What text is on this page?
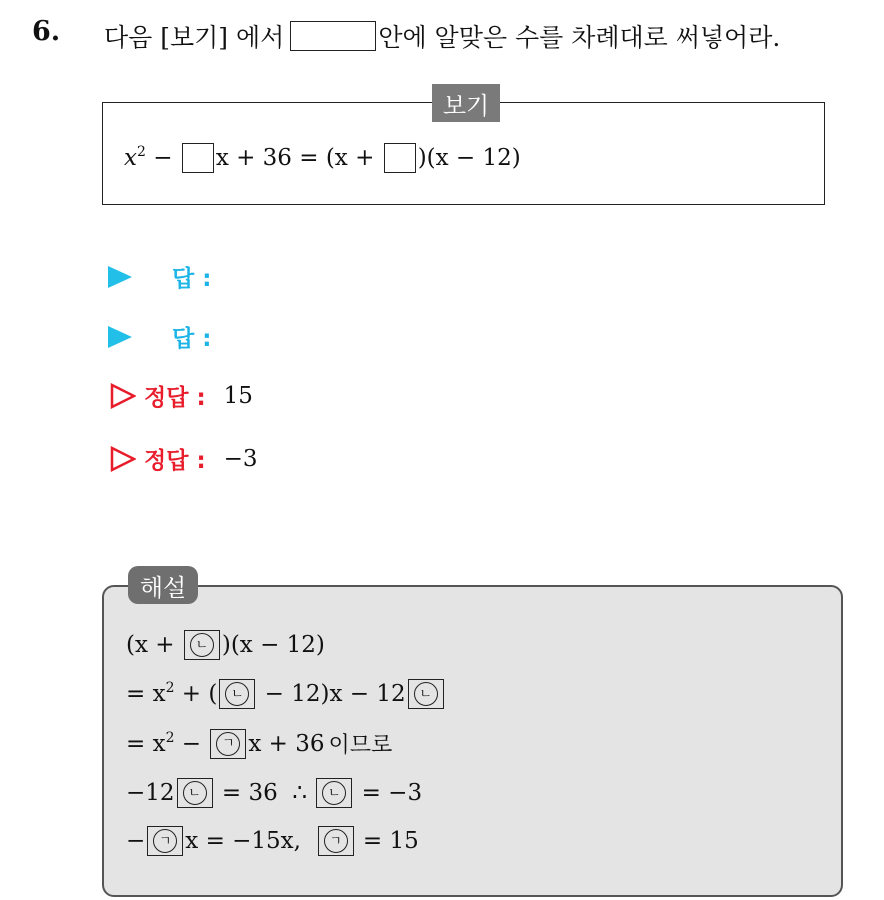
6. 다음 [보기] 에서	안에 알맞은 수를 차례대로 써넣어라.
보기
$x^2 - x + 36 = (x + )(x - 12)$
답 :
답 :
정답 : 15
정답 : −3
해설
(x +	ㄴ )(x − 12)
= $x^2$ + (	ㄴ − 12)x − 12	ㄴ
= $x^2$ −	ㄱ x + 36 이므로
−12	ㄴ = 36  ∴	ㄴ = −3
−	ㄱ x = −15x,	ㄱ = 15
